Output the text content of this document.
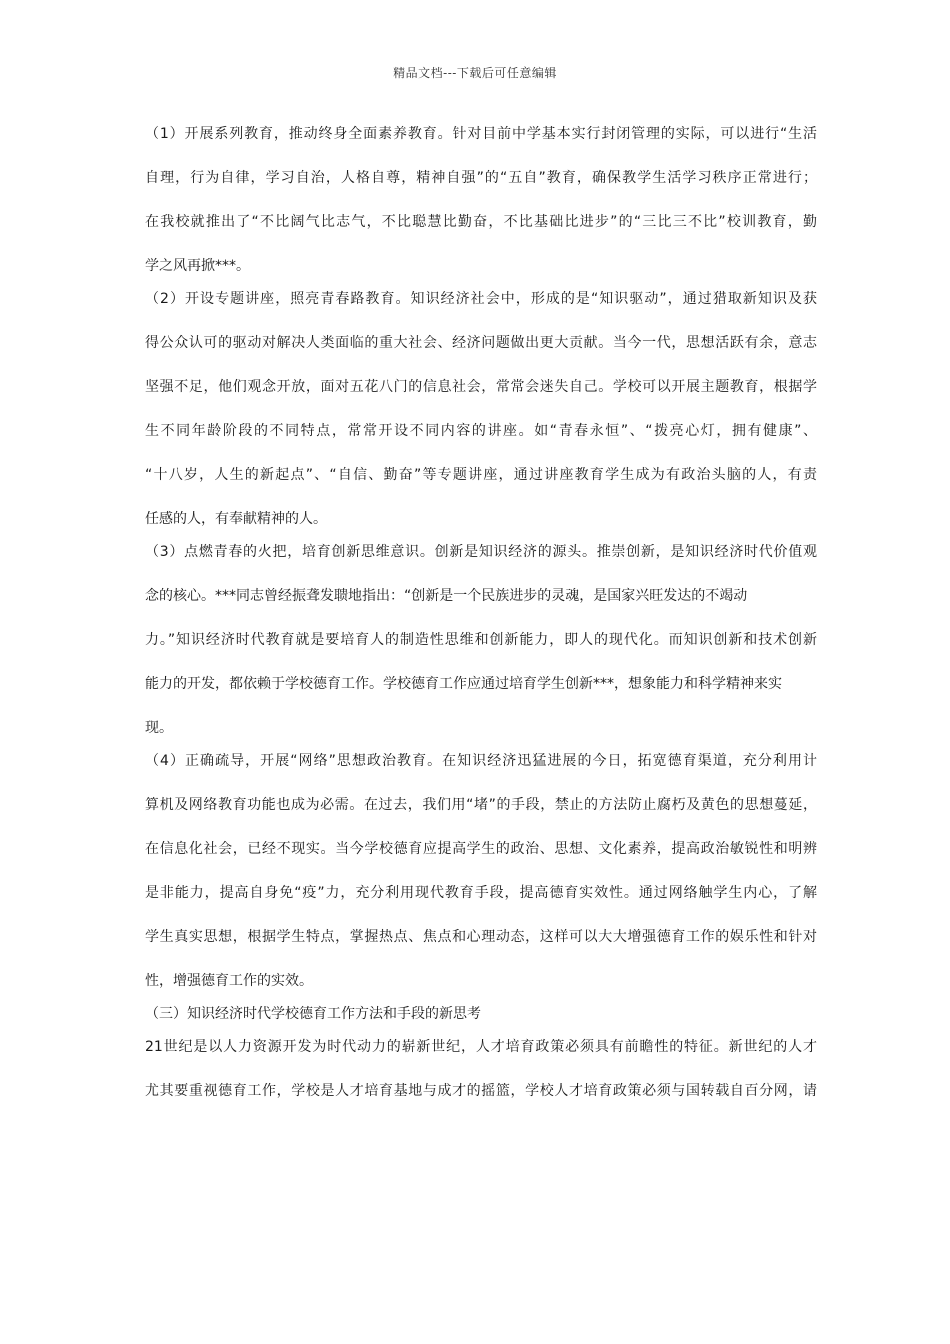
精品文档---下载后可任意编辑
（1）开展系列教育，推动终身全面素养教育。针对目前中学基本实行封闭管理的实际，可以进行“生活
自理，行为自律，学习自治，人格自尊，精神自强”的“五自”教育，确保教学生活学习秩序正常进行；
在我校就推出了“不比阔气比志气，不比聪慧比勤奋，不比基础比进步”的“三比三不比”校训教育，勤
学之风再掀***。
（2）开设专题讲座，照亮青春路教育。知识经济社会中，形成的是“知识驱动”，通过猎取新知识及获
得公众认可的驱动对解决人类面临的重大社会、经济问题做出更大贡献。当今一代，思想活跃有余，意志
坚强不足，他们观念开放，面对五花八门的信息社会，常常会迷失自己。学校可以开展主题教育，根据学
生不同年龄阶段的不同特点，常常开设不同内容的讲座。如“青春永恒”、“拨亮心灯，拥有健康”、
“十八岁，人生的新起点”、“自信、勤奋”等专题讲座，通过讲座教育学生成为有政治头脑的人，有责
任感的人，有奉献精神的人。
（3）点燃青春的火把，培育创新思维意识。创新是知识经济的源头。推崇创新，是知识经济时代价值观
念的核心。***同志曾经振聋发聩地指出：“创新是一个民族进步的灵魂，是国家兴旺发达的不竭动
力。”知识经济时代教育就是要培育人的制造性思维和创新能力，即人的现代化。而知识创新和技术创新
能力的开发，都依赖于学校德育工作。学校德育工作应通过培育学生创新***，想象能力和科学精神来实
现。
（4）正确疏导，开展“网络”思想政治教育。在知识经济迅猛进展的今日，拓宽德育渠道，充分利用计
算机及网络教育功能也成为必需。在过去，我们用“堵”的手段，禁止的方法防止腐朽及黄色的思想蔓延，
在信息化社会，已经不现实。当今学校德育应提高学生的政治、思想、文化素养，提高政治敏锐性和明辨
是非能力，提高自身免“疫”力，充分利用现代教育手段，提高德育实效性。通过网络触学生内心，了解
学生真实思想，根据学生特点，掌握热点、焦点和心理动态，这样可以大大增强德育工作的娱乐性和针对
性，增强德育工作的实效。
（三）知识经济时代学校德育工作方法和手段的新思考
21世纪是以人力资源开发为时代动力的崭新世纪，人才培育政策必须具有前瞻性的特征。新世纪的人才
尤其要重视德育工作，学校是人才培育基地与成才的摇篮，学校人才培育政策必须与国转载自百分网，请
